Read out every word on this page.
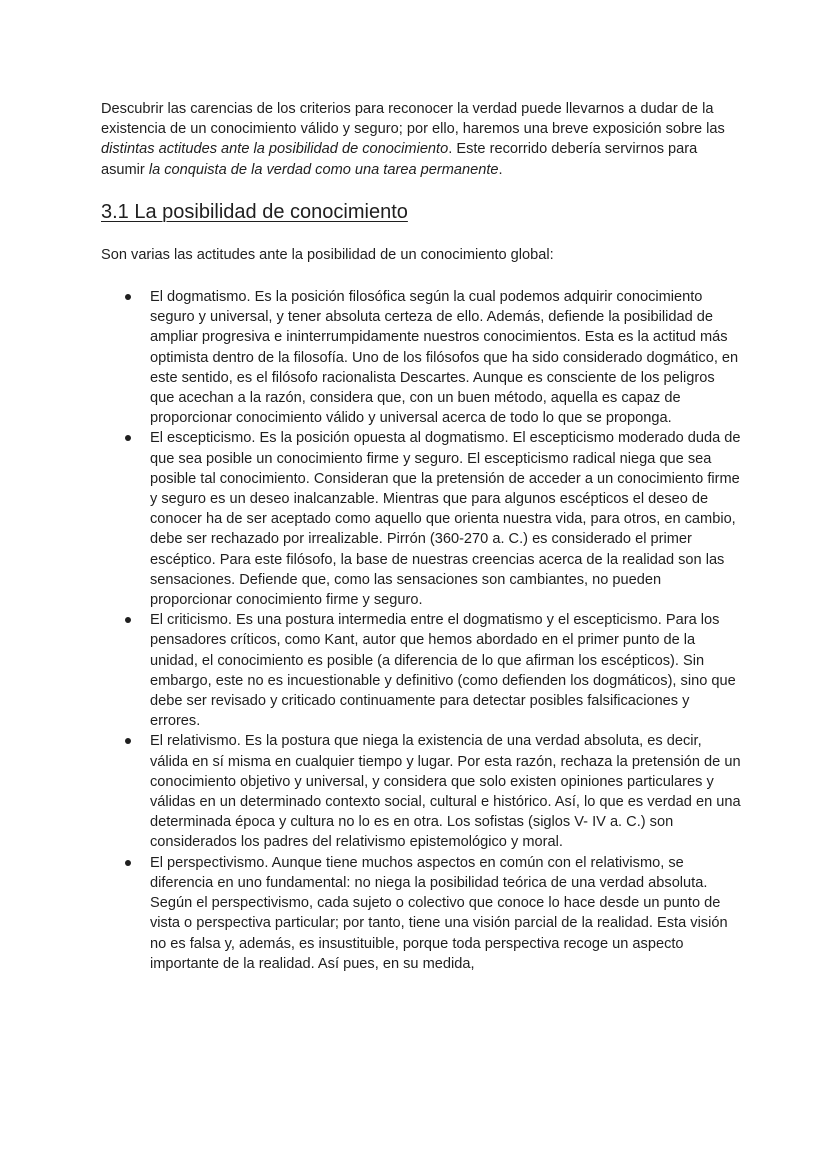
Descubrir las carencias de los criterios para reconocer la verdad puede llevarnos a dudar de la existencia de un conocimiento válido y seguro; por ello, haremos una breve exposición sobre las distintas actitudes ante la posibilidad de conocimiento. Este recorrido debería servirnos para asumir la conquista de la verdad como una tarea permanente.

3.1 La posibilidad de conocimiento

Son varias las actitudes ante la posibilidad de un conocimiento global:

El dogmatismo. Es la posición filosófica según la cual podemos adquirir conocimiento seguro y universal, y tener absoluta certeza de ello. Además, defiende la posibilidad de ampliar progresiva e ininterrumpidamente nuestros conocimientos. Esta es la actitud más optimista dentro de la filosofía. Uno de los filósofos que ha sido considerado dogmático, en este sentido, es el filósofo racionalista Descartes. Aunque es consciente de los peligros que acechan a la razón, considera que, con un buen método, aquella es capaz de proporcionar conocimiento válido y universal acerca de todo lo que se proponga.
El escepticismo. Es la posición opuesta al dogmatismo. El escepticismo moderado duda de que sea posible un conocimiento firme y seguro. El escepticismo radical niega que sea posible tal conocimiento. Consideran que la pretensión de acceder a un conocimiento firme y seguro es un deseo inalcanzable. Mientras que para algunos escépticos el deseo de conocer ha de ser aceptado como aquello que orienta nuestra vida, para otros, en cambio, debe ser rechazado por irrealizable. Pirrón (360-270 a. C.) es considerado el primer escéptico. Para este filósofo, la base de nuestras creencias acerca de la realidad son las sensaciones. Defiende que, como las sensaciones son cambiantes, no pueden proporcionar conocimiento firme y seguro.
El criticismo. Es una postura intermedia entre el dogmatismo y el escepticismo. Para los pensadores críticos, como Kant, autor que hemos abordado en el primer punto de la unidad, el conocimiento es posible (a diferencia de lo que afirman los escépticos). Sin embargo, este no es incuestionable y definitivo (como defienden los dogmáticos), sino que debe ser revisado y criticado continuamente para detectar posibles falsificaciones y errores.
El relativismo. Es la postura que niega la existencia de una verdad absoluta, es decir, válida en sí misma en cualquier tiempo y lugar. Por esta razón, rechaza la pretensión de un conocimiento objetivo y universal, y considera que solo existen opiniones particulares y válidas en un determinado contexto social, cultural e histórico. Así, lo que es verdad en una determinada época y cultura no lo es en otra. Los sofistas (siglos V- IV a. C.) son considerados los padres del relativismo epistemológico y moral.
El perspectivismo. Aunque tiene muchos aspectos en común con el relativismo, se diferencia en uno fundamental: no niega la posibilidad teórica de una verdad absoluta. Según el perspectivismo, cada sujeto o colectivo que conoce lo hace desde un punto de vista o perspectiva particular; por tanto, tiene una visión parcial de la realidad. Esta visión no es falsa y, además, es insustituible, porque toda perspectiva recoge un aspecto importante de la realidad. Así pues, en su medida,
